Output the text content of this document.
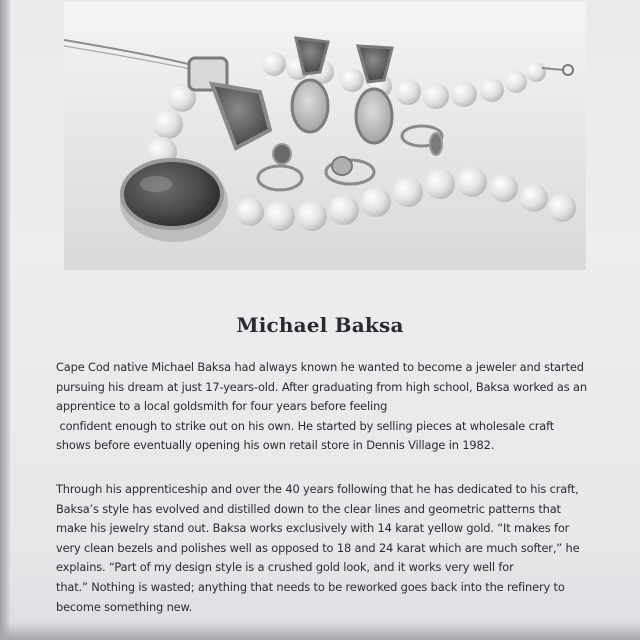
Michael Baksa
Cape Cod native Michael Baksa had always known he wanted to become a jeweler and started
pursuing his dream at just 17-years-old. After graduating from high school, Baksa worked as an
apprentice to a local goldsmith for four years before feeling
confident enough to strike out on his own. He started by selling pieces at wholesale craft
shows before eventually opening his own retail store in Dennis Village in 1982.
Through his apprenticeship and over the 40 years following that he has dedicated to his craft,
Baksa’s style has evolved and distilled down to the clear lines and geometric patterns that
make his jewelry stand out. Baksa works exclusively with 14 karat yellow gold. “It makes for
very clean bezels and polishes well as opposed to 18 and 24 karat which are much softer,” he
explains. “Part of my design style is a crushed gold look, and it works very well for
that.” Nothing is wasted; anything that needs to be reworked goes back into the refinery to
become something new.
